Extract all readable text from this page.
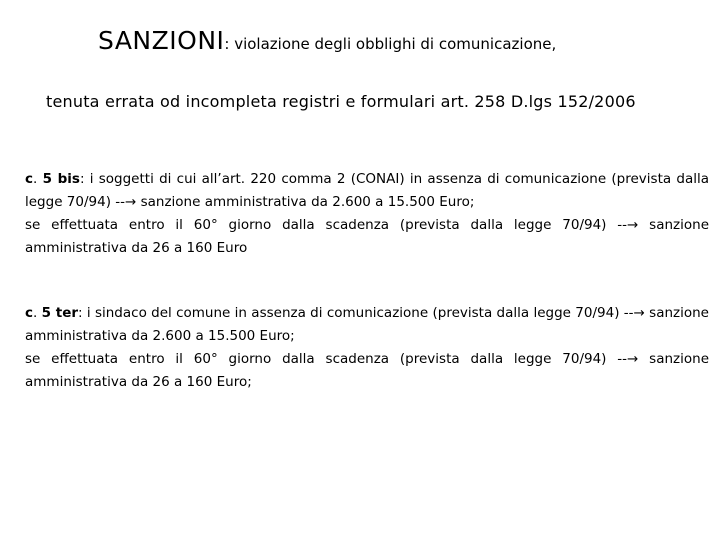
SANZIONI: violazione degli obblighi di comunicazione,
tenuta errata od incompleta registri e formulari art. 258 D.lgs 152/2006
c. 5 bis: i soggetti di cui all’art. 220 comma 2 (CONAI) in assenza di comunicazione (prevista dalla legge 70/94) --→ sanzione amministrativa da 2.600 a 15.500 Euro;
se effettuata entro il 60° giorno dalla scadenza (prevista dalla legge 70/94) --→ sanzione amministrativa da 26 a 160 Euro
c. 5 ter: i sindaco del comune in assenza di comunicazione (prevista dalla legge 70/94) --→ sanzione amministrativa da 2.600 a 15.500 Euro;
se effettuata entro il 60° giorno dalla scadenza (prevista dalla legge 70/94) --→ sanzione amministrativa da 26 a 160 Euro;
